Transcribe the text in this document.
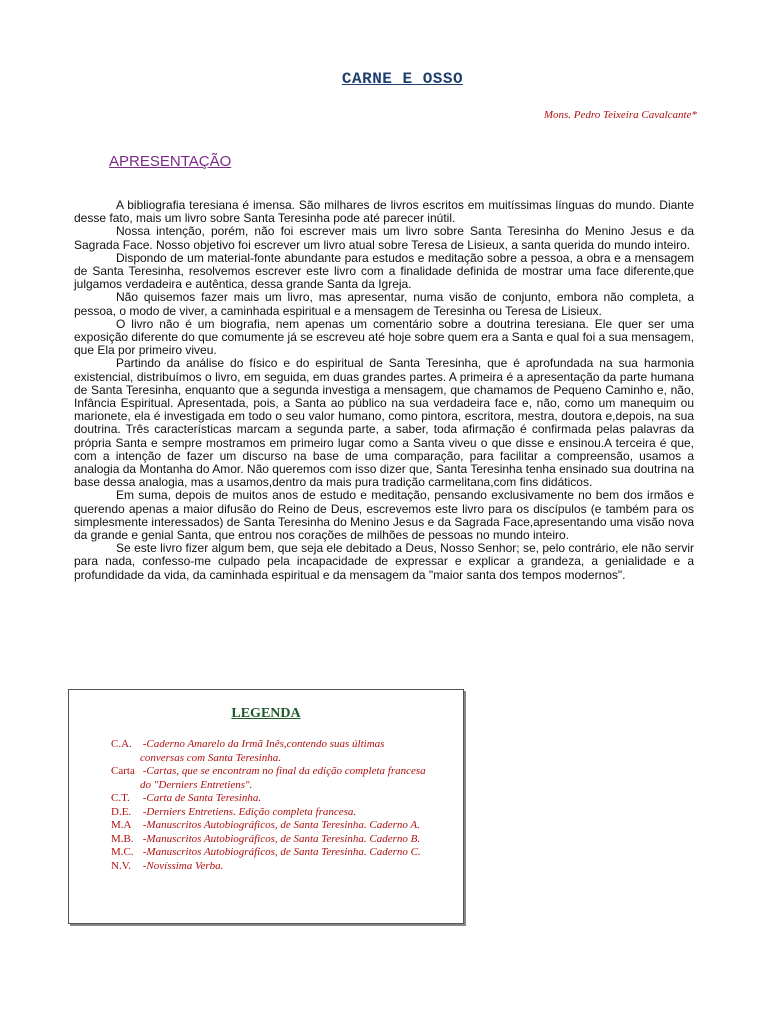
CARNE E OSSO
Mons. Pedro Teixeira Cavalcante*
APRESENTAÇÃO

A bibliografia teresiana é imensa. São milhares de livros escritos em muitíssimas línguas do mundo. Diante desse fato, mais um livro sobre Santa Teresinha pode até parecer inútil.

Nossa intenção, porém, não foi escrever mais um livro sobre Santa Teresinha do Menino Jesus e da Sagrada Face. Nosso objetivo foi escrever um livro atual sobre Teresa de Lisieux, a santa querida do mundo inteiro.

Dispondo de um material-fonte abundante para estudos e meditação sobre a pessoa, a obra e a mensagem de Santa Teresinha, resolvemos escrever este livro com a finalidade definida de mostrar uma face diferente,que julgamos verdadeira e autêntica, dessa grande Santa da Igreja.

Não quisemos fazer mais um livro, mas apresentar, numa visão de conjunto, embora não completa, a pessoa, o modo de viver, a caminhada espiritual e a mensagem de Teresinha ou Teresa de Lisieux.

O livro não é um biografia, nem apenas um comentário sobre a doutrina teresiana. Ele quer ser uma exposição diferente do que comumente já se escreveu até hoje sobre quem era a Santa e qual foi a sua mensagem, que Ela por primeiro viveu.

Partindo da análise do físico e do espiritual de Santa Teresinha, que é aprofundada na sua harmonia existencial, distribuímos o livro, em seguida, em duas grandes partes. A primeira é a apresentação da parte humana de Santa Teresinha, enquanto que a segunda investiga a mensagem, que chamamos de Pequeno Caminho e, não, Infância Espiritual. Apresentada, pois, a Santa ao público na sua verdadeira face e, não, como um manequim ou marionete, ela é investigada em todo o seu valor humano, como pintora, escritora, mestra, doutora e,depois, na sua doutrina. Três características marcam a segunda parte, a saber, toda afirmação é confirmada pelas palavras da própria Santa e sempre mostramos em primeiro lugar como a Santa viveu o que disse e ensinou.A terceira é que, com a intenção de fazer um discurso na base de uma comparação, para facilitar a compreensão, usamos a analogia da Montanha do Amor. Não queremos com isso dizer que, Santa Teresinha tenha ensinado sua doutrina na base dessa analogia, mas a usamos,dentro da mais pura tradição carmelitana,com fins didáticos.

Em suma, depois de muitos anos de estudo e meditação, pensando exclusivamente no bem dos irmãos e querendo apenas a maior difusão do Reino de Deus, escrevemos este livro para os discípulos (e também para os simplesmente interessados) de Santa Teresinha do Menino Jesus e da Sagrada Face,apresentando uma visão nova da grande e genial Santa, que entrou nos corações de milhões de pessoas no mundo inteiro.

Se este livro fizer algum bem, que seja ele debitado a Deus, Nosso Senhor; se, pelo contrário, ele não servir para nada, confesso-me culpado pela incapacidade de expressar e explicar a grandeza, a genialidade e a profundidade da vida, da caminhada espiritual e da mensagem da "maior santa dos tempos modernos".

LEGENDA
C.A. -Caderno Amarelo da Irmã Inês,contendo suas últimas conversas com Santa Teresinha.
Carta -Cartas, que se encontram no final da edição completa francesa do "Derniers Entretiens".
C.T. -Carta de Santa Teresinha.
D.E. -Derniers Entretiens. Edição completa francesa.
M.A -Manuscritos Autobiográficos, de Santa Teresinha. Caderno A.
M.B. -Manuscritos Autobiográficos, de Santa Teresinha. Caderno B.
M.C. -Manuscritos Autobiográficos, de Santa Teresinha. Caderno C.
N.V. -Novíssima Verba.
